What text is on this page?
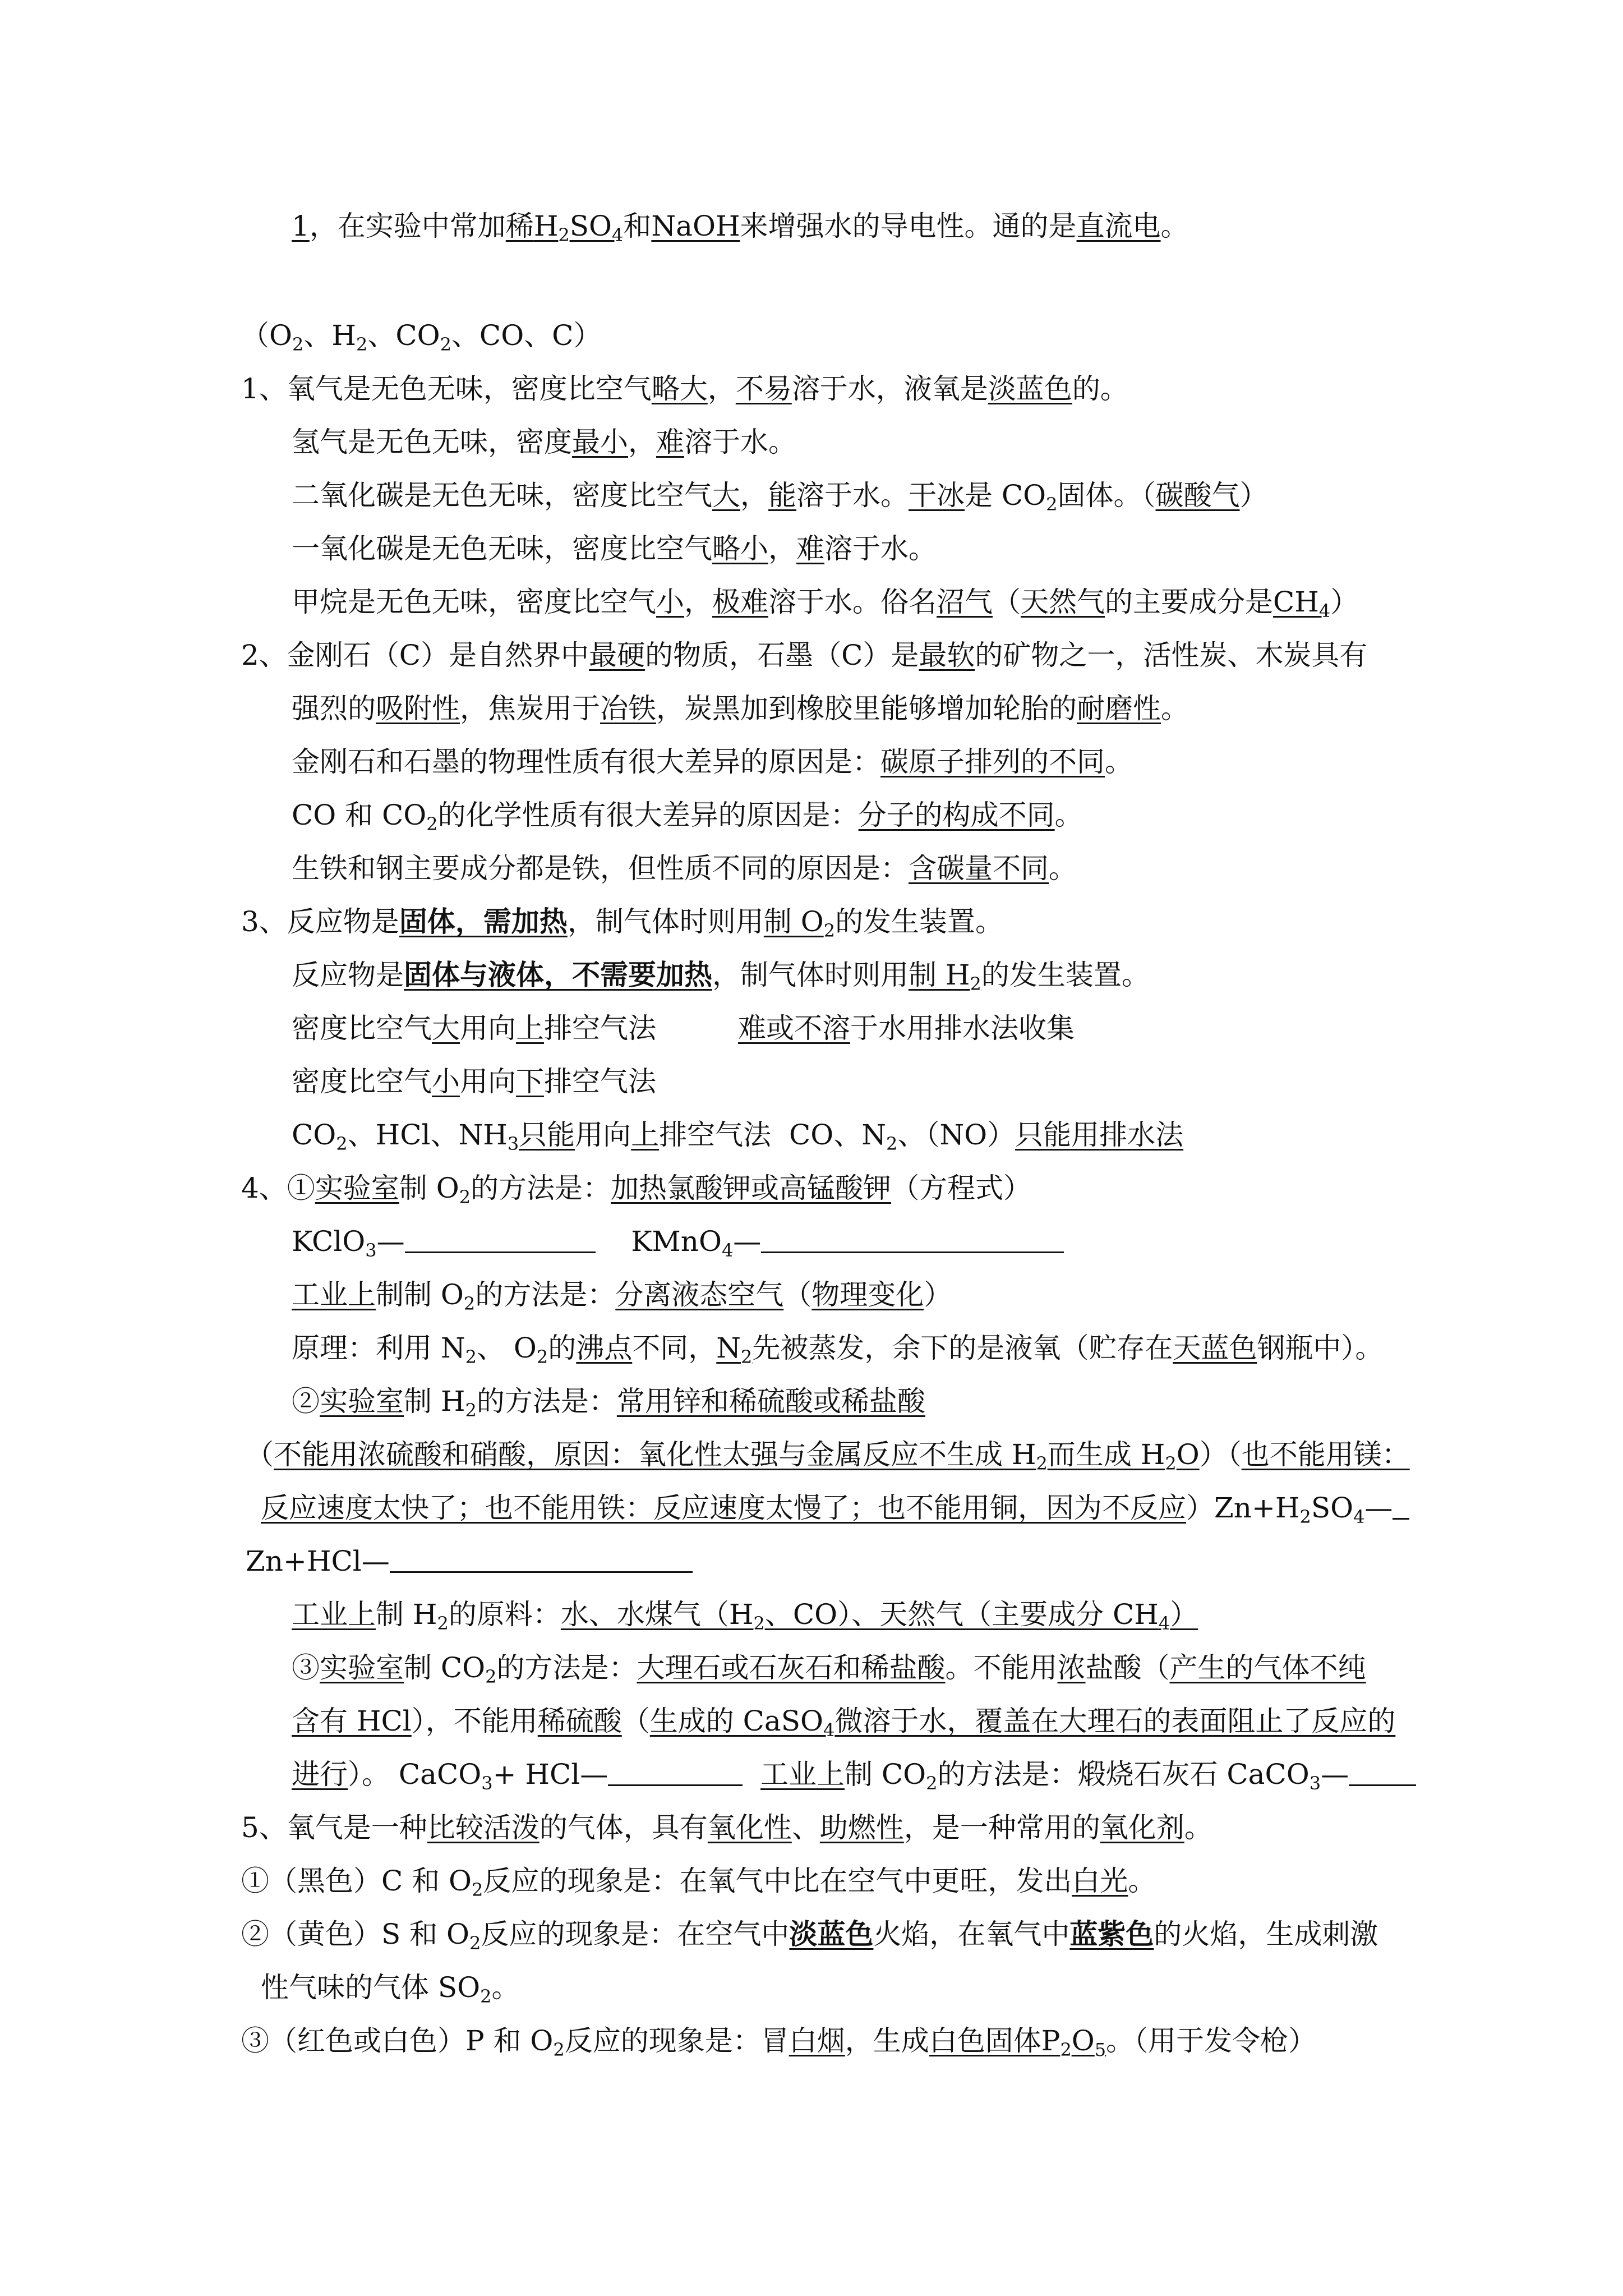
1，在实验中常加稀$H_2SO_4$和NaOH来增强水的导电性。通的是直流电。
（$O_2$、$H_2$、$CO_2$、CO、C）
1、氧气是无色无味，密度比空气略大，不易溶于水，液氧是淡蓝色的。
氢气是无色无味，密度最小，难溶于水。
二氧化碳是无色无味，密度比空气大，能溶于水。干冰是 $CO_2$固体。（碳酸气）
一氧化碳是无色无味，密度比空气略小，难溶于水。
甲烷是无色无味，密度比空气小，极难溶于水。俗名沼气（天然气的主要成分是$CH_4$）
2、金刚石（C）是自然界中最硬的物质，石墨（C）是最软的矿物之一，活性炭、木炭具有
强烈的吸附性，焦炭用于冶铁，炭黑加到橡胶里能够增加轮胎的耐磨性。
金刚石和石墨的物理性质有很大差异的原因是：碳原子排列的不同。
CO 和 $CO_2$的化学性质有很大差异的原因是：分子的构成不同。
生铁和钢主要成分都是铁，但性质不同的原因是：含碳量不同。
3、反应物是固体，需加热，制气体时则用制 $O_2$的发生装置。
反应物是固体与液体，不需要加热，制气体时则用制 $H_2$的发生装置。
密度比空气大用向上排空气法	难或不溶于水用排水法收集
密度比空气小用向下排空气法
$CO_2$、HCl、$NH_3$只能用向上排空气法 CO、$N_2$、（NO）只能用排水法
4、①实验室制 $O_2$的方法是：加热氯酸钾或高锰酸钾（方程式）
KClO$_3$—	KMnO$_4$—
工业上制制 $O_2$的方法是：分离液态空气（物理变化）
原理：利用 $N_2$、 $O_2$的沸点不同，$N_2$先被蒸发，余下的是液氧（贮存在天蓝色钢瓶中）。
②实验室制 $H_2$的方法是：常用锌和稀硫酸或稀盐酸
（不能用浓硫酸和硝酸，原因：氧化性太强与金属反应不生成 $H_2$而生成 $H_2O$）（也不能用镁：
反应速度太快了；也不能用铁：反应速度太慢了；也不能用铜，因为不反应）$Zn+H_2SO_4—$
Zn+HCl—
工业上制 $H_2$的原料：水、水煤气（$H_2$、CO）、天然气（主要成分 $CH_4$）
③实验室制 $CO_2$的方法是：大理石或石灰石和稀盐酸。不能用浓盐酸（产生的气体不纯
含有 HCl），不能用稀硫酸（生成的 CaSO$_4$微溶于水，覆盖在大理石的表面阻止了反应的
进行）。 CaCO$_3$+ HCl—	工业上制 $CO_2$的方法是：煅烧石灰石 CaCO$_3$—
5、氧气是一种比较活泼的气体，具有氧化性、助燃性，是一种常用的氧化剂。
①（黑色）C 和 $O_2$反应的现象是：在氧气中比在空气中更旺，发出白光。
②（黄色）S 和 $O_2$反应的现象是：在空气中淡蓝色火焰，在氧气中蓝紫色的火焰，生成刺激
性气味的气体 $SO_2$。
③（红色或白色）P 和 $O_2$反应的现象是：冒白烟，生成白色固体$P_2O_5$。（用于发令枪）
